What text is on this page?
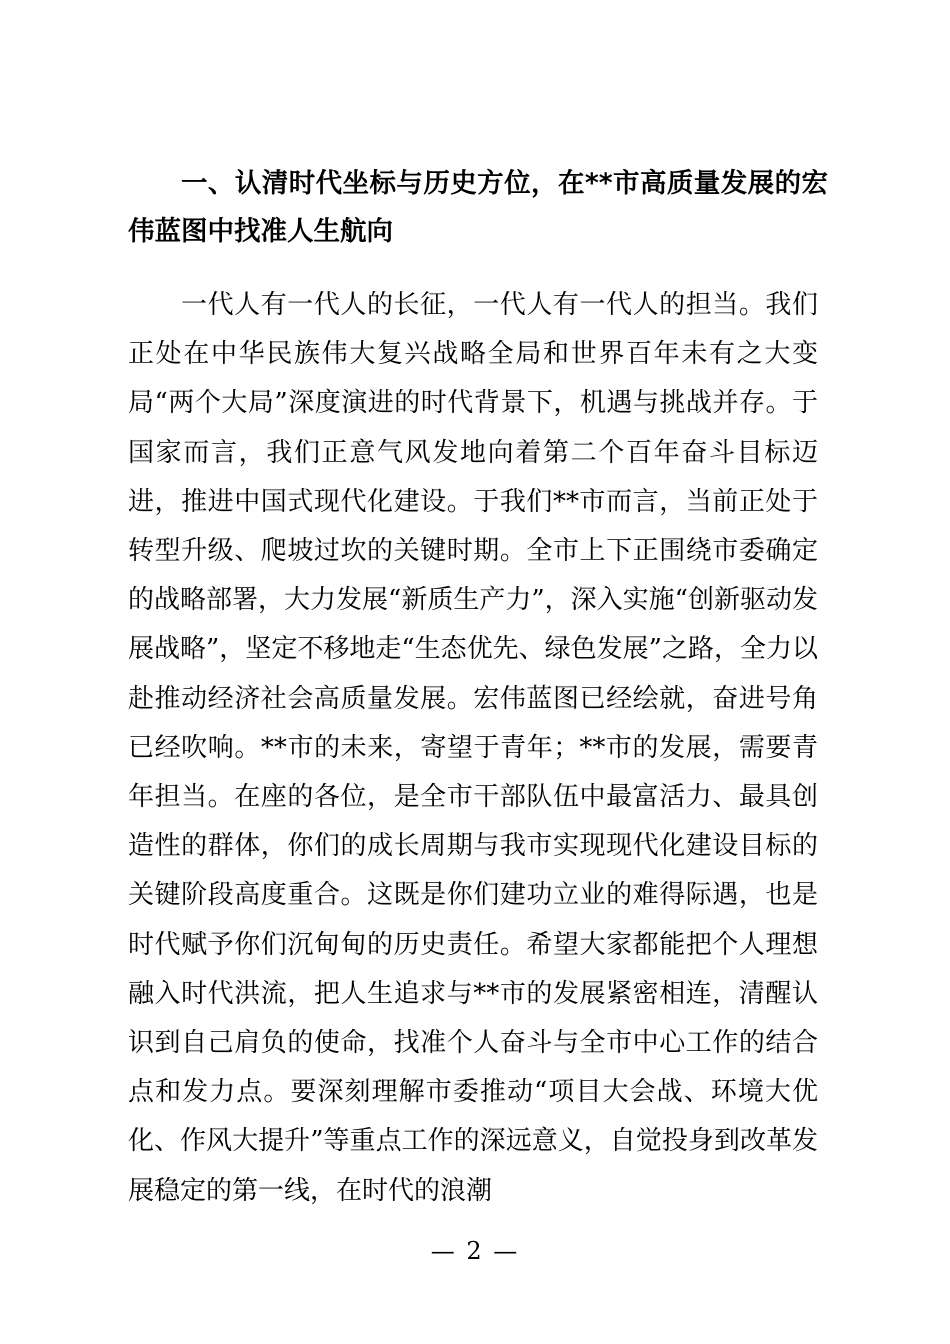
一、认清时代坐标与历史方位，在**市高质量发展的宏伟蓝图中找准人生航向

一代人有一代人的长征，一代人有一代人的担当。我们正处在中华民族伟大复兴战略全局和世界百年未有之大变局“两个大局”深度演进的时代背景下，机遇与挑战并存。于国家而言，我们正意气风发地向着第二个百年奋斗目标迈进，推进中国式现代化建设。于我们**市而言，当前正处于转型升级、爬坡过坎的关键时期。全市上下正围绕市委确定的战略部署，大力发展“新质生产力”，深入实施“创新驱动发展战略”，坚定不移地走“生态优先、绿色发展”之路，全力以赴推动经济社会高质量发展。宏伟蓝图已经绘就，奋进号角已经吹响。**市的未来，寄望于青年；**市的发展，需要青年担当。在座的各位，是全市干部队伍中最富活力、最具创造性的群体，你们的成长周期与我市实现现代化建设目标的关键阶段高度重合。这既是你们建功立业的难得际遇，也是时代赋予你们沉甸甸的历史责任。希望大家都能把个人理想融入时代洪流，把人生追求与**市的发展紧密相连，清醒认识到自己肩负的使命，找准个人奋斗与全市中心工作的结合点和发力点。要深刻理解市委推动“项目大会战、环境大优化、作风大提升”等重点工作的深远意义，自觉投身到改革发展稳定的第一线，在时代的浪潮

— 2 —
